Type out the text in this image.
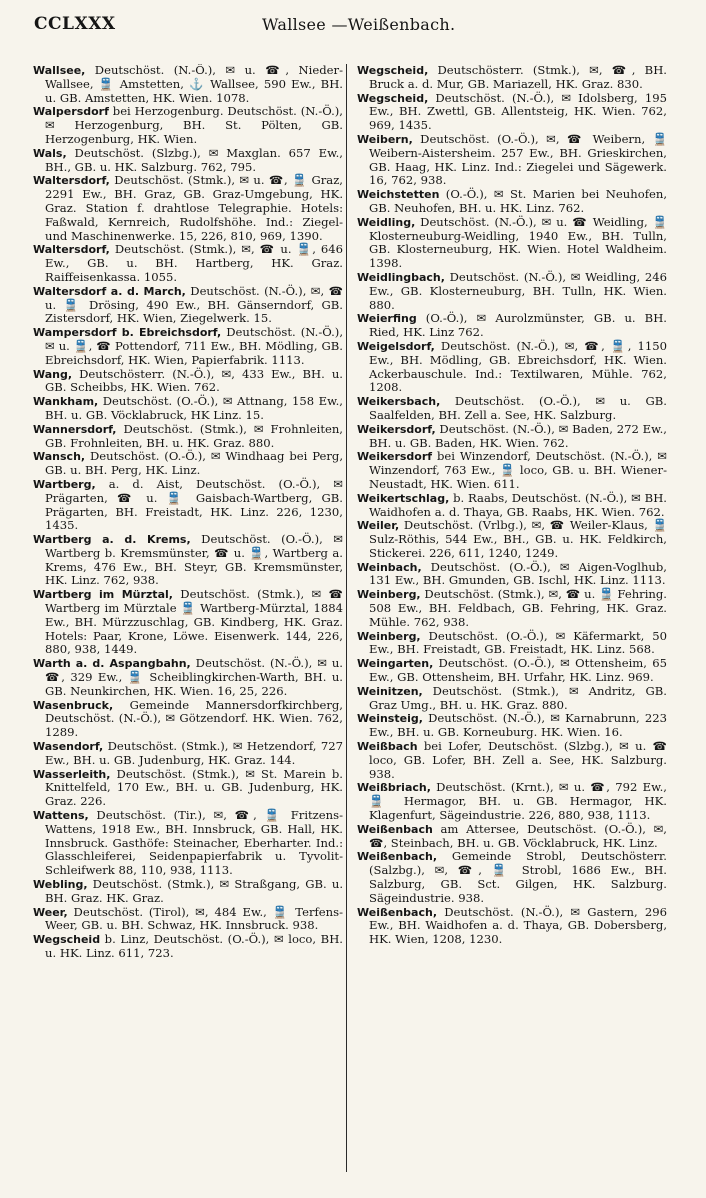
CCLXXX	Wallsee —Weißenbach.
Wallsee, Deutschöst. (N.-Ö.), ✉ u. ☎, Nieder-Wallsee, 🚆 Amstetten, ⚓ Wallsee, 590 Ew., BH. u. GB. Amstetten, HK. Wien. 1078.
Walpersdorf bei Herzogenburg. Deutschöst. (N.-Ö.), ✉ Herzogenburg, BH. St. Pölten, GB. Herzogenburg, HK. Wien.
Wals, Deutschöst. (Slzbg.), ✉ Maxglan. 657 Ew., BH., GB. u. HK. Salzburg. 762, 795.
Waltersdorf, Deutschöst. (Stmk.), ✉ u. ☎, 🚆 Graz, 2291 Ew., BH. Graz, GB. Graz-Umgebung, HK. Graz. Station f. drahtlose Telegraphie. Hotels: Faßwald, Kernreich, Rudolfshöhe. Ind.: Ziegel- und Maschinenwerke. 15, 226, 810, 969, 1390.
Waltersdorf, Deutschöst. (Stmk.), ✉, ☎ u. 🚆, 646 Ew., GB. u. BH. Hartberg, HK. Graz. Raiffeisenkassa. 1055.
Waltersdorf a. d. March, Deutschöst. (N.-Ö.), ✉, ☎ u. 🚆 Drösing, 490 Ew., BH. Gänserndorf, GB. Zistersdorf, HK. Wien, Ziegelwerk. 15.
Wampersdorf b. Ebreichsdorf, Deutschöst. (N.-Ö.), ✉ u. 🚆, ☎ Pottendorf, 711 Ew., BH. Mödling, GB. Ebreichsdorf, HK. Wien, Papierfabrik. 1113.
Wang, Deutschösterr. (N.-Ö.), ✉, 433 Ew., BH. u. GB. Scheibbs, HK. Wien. 762.
Wankham, Deutschöst. (O.-Ö.), ✉ Attnang, 158 Ew., BH. u. GB. Vöcklabruck, HK Linz. 15.
Wannersdorf, Deutschöst. (Stmk.), ✉ Frohnleiten, GB. Frohnleiten, BH. u. HK. Graz. 880.
Wansch, Deutschöst. (O.-Ö.), ✉ Windhaag bei Perg, GB. u. BH. Perg, HK. Linz.
Wartberg, a. d. Aist, Deutschöst. (O.-Ö.), ✉ Prägarten, ☎ u. 🚆 Gaisbach-Wartberg, GB. Prägarten, BH. Freistadt, HK. Linz. 226, 1230, 1435.
Wartberg a. d. Krems, Deutschöst. (O.-Ö.), ✉ Wartberg b. Kremsmünster, ☎ u. 🚆, Wartberg a. Krems, 476 Ew., BH. Steyr, GB. Kremsmünster, HK. Linz. 762, 938.
Wartberg im Mürztal, Deutschöst. (Stmk.), ✉ ☎ Wartberg im Mürztale 🚆 Wartberg-Mürztal, 1884 Ew., BH. Mürzzuschlag, GB. Kindberg, HK. Graz. Hotels: Paar, Krone, Löwe. Eisenwerk. 144, 226, 880, 938, 1449.
Warth a. d. Aspangbahn, Deutschöst. (N.-Ö.), ✉ u. ☎, 329 Ew., 🚆 Scheiblingkirchen-Warth, BH. u. GB. Neunkirchen, HK. Wien. 16, 25, 226.
Wasenbruck, Gemeinde Mannersdorfkirchberg, Deutschöst. (N.-Ö.), ✉ Götzendorf. HK. Wien. 762, 1289.
Wasendorf, Deutschöst. (Stmk.), ✉ Hetzendorf, 727 Ew., BH. u. GB. Judenburg, HK. Graz. 144.
Wasserleith, Deutschöst. (Stmk.), ✉ St. Marein b. Knittelfeld, 170 Ew., BH. u. GB. Judenburg, HK. Graz. 226.
Wattens, Deutschöst. (Tir.), ✉, ☎, 🚆 Fritzens-Wattens, 1918 Ew., BH. Innsbruck, GB. Hall, HK. Innsbruck. Gasthöfe: Steinacher, Eberharter. Ind.: Glasschleiferei, Seidenpapierfabrik u. Tyvolit-Schleifwerk 88, 110, 938, 1113.
Webling, Deutschöst. (Stmk.), ✉ Straßgang, GB. u. BH. Graz. HK. Graz.
Weer, Deutschöst. (Tirol), ✉, 484 Ew., 🚆 Terfens-Weer, GB. u. BH. Schwaz, HK. Innsbruck. 938.
Wegscheid b. Linz, Deutschöst. (O.-Ö.), ✉ loco, BH. u. HK. Linz. 611, 723.
Wegscheid, Deutschösterr. (Stmk.), ✉, ☎, BH. Bruck a. d. Mur, GB. Mariazell, HK. Graz. 830.
Wegscheid, Deutschöst. (N.-Ö.), ✉ Idolsberg, 195 Ew., BH. Zwettl, GB. Allentsteig, HK. Wien. 762, 969, 1435.
Weibern, Deutschöst. (O.-Ö.), ✉, ☎ Weibern, 🚆 Weibern-Aistersheim. 257 Ew., BH. Grieskirchen, GB. Haag, HK. Linz. Ind.: Ziegelei und Sägewerk. 16, 762, 938.
Weichstetten (O.-Ö.), ✉ St. Marien bei Neuhofen, GB. Neuhofen, BH. u. HK. Linz. 762.
Weidling, Deutschöst. (N.-Ö.), ✉ u. ☎ Weidling, 🚆 Klosterneuburg-Weidling, 1940 Ew., BH. Tulln, GB. Klosterneuburg, HK. Wien. Hotel Waldheim. 1398.
Weidlingbach, Deutschöst. (N.-Ö.), ✉ Weidling, 246 Ew., GB. Klosterneuburg, BH. Tulln, HK. Wien. 880.
Weierfing (O.-Ö.), ✉ Aurolzmünster, GB. u. BH. Ried, HK. Linz 762.
Weigelsdorf, Deutschöst. (N.-Ö.), ✉, ☎, 🚆, 1150 Ew., BH. Mödling, GB. Ebreichsdorf, HK. Wien. Ackerbauschule. Ind.: Textilwaren, Mühle. 762, 1208.
Weikersbach, Deutschöst. (O.-Ö.), ✉ u. GB. Saalfelden, BH. Zell a. See, HK. Salzburg.
Weikersdorf, Deutschöst. (N.-Ö.), ✉ Baden, 272 Ew., BH. u. GB. Baden, HK. Wien. 762.
Weikersdorf bei Winzendorf, Deutschöst. (N.-Ö.), ✉ Winzendorf, 763 Ew., 🚆 loco, GB. u. BH. Wiener-Neustadt, HK. Wien. 611.
Weikertschlag, b. Raabs, Deutschöst. (N.-Ö.), ✉ BH. Waidhofen a. d. Thaya, GB. Raabs, HK. Wien. 762.
Weiler, Deutschöst. (Vrlbg.), ✉, ☎ Weiler-Klaus, 🚆 Sulz-Röthis, 544 Ew., BH., GB. u. HK. Feldkirch, Stickerei. 226, 611, 1240, 1249.
Weinbach, Deutschöst. (O.-Ö.), ✉ Aigen-Voglhub, 131 Ew., BH. Gmunden, GB. Ischl, HK. Linz. 1113.
Weinberg, Deutschöst. (Stmk.), ✉, ☎ u. 🚆 Fehring. 508 Ew., BH. Feldbach, GB. Fehring, HK. Graz. Mühle. 762, 938.
Weinberg, Deutschöst. (O.-Ö.), ✉ Käfermarkt, 50 Ew., BH. Freistadt, GB. Freistadt, HK. Linz. 568.
Weingarten, Deutschöst. (O.-Ö.), ✉ Ottensheim, 65 Ew., GB. Ottensheim, BH. Urfahr, HK. Linz. 969.
Weinitzen, Deutschöst. (Stmk.), ✉ Andritz, GB. Graz Umg., BH. u. HK. Graz. 880.
Weinsteig, Deutschöst. (N.-Ö.), ✉ Karnabrunn, 223 Ew., BH. u. GB. Korneuburg. HK. Wien. 16.
Weißbach bei Lofer, Deutschöst. (Slzbg.), ✉ u. ☎ loco, GB. Lofer, BH. Zell a. See, HK. Salzburg. 938.
Weißbriach, Deutschöst. (Krnt.), ✉ u. ☎, 792 Ew., 🚆 Hermagor, BH. u. GB. Hermagor, HK. Klagenfurt, Sägeindustrie. 226, 880, 938, 1113.
Weißenbach am Attersee, Deutschöst. (O.-Ö.), ✉, ☎, Steinbach, BH. u. GB. Vöcklabruck, HK. Linz.
Weißenbach, Gemeinde Strobl, Deutschösterr. (Salzbg.), ✉, ☎, 🚆 Strobl, 1686 Ew., BH. Salzburg, GB. Sct. Gilgen, HK. Salzburg. Sägeindustrie. 938.
Weißenbach, Deutschöst. (N.-Ö.), ✉ Gastern, 296 Ew., BH. Waidhofen a. d. Thaya, GB. Dobersberg, HK. Wien, 1208, 1230.
